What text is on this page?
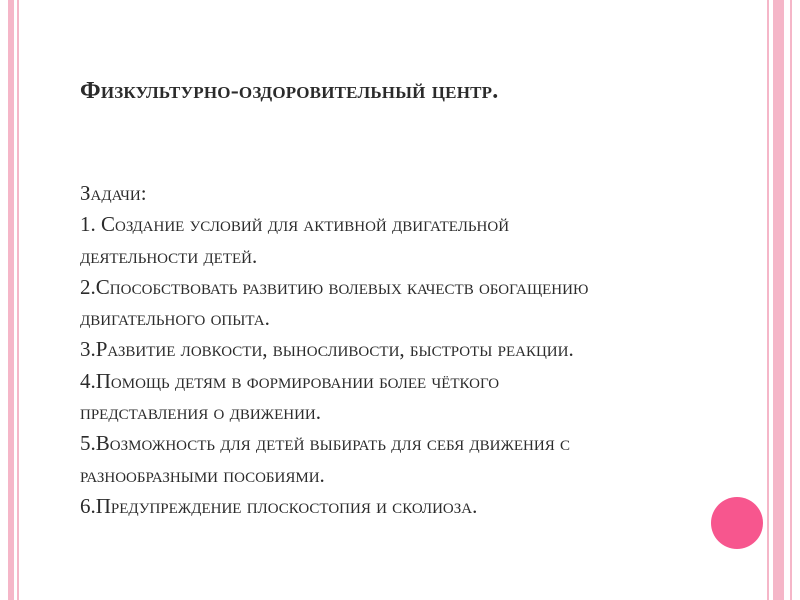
Физкультурно-оздоровительный центр.
Задачи:
1. Создание условий для активной двигательной
деятельности детей.
2.Способствовать развитию волевых качеств обогащению
двигательного опыта.
3.Развитие ловкости, выносливости, быстроты реакции.
4.Помощь детям в формировании более чёткого
представления о движении.
5.Возможность для детей выбирать для себя движения с
разнообразными пособиями.
6.Предупреждение плоскостопия и сколиоза.
